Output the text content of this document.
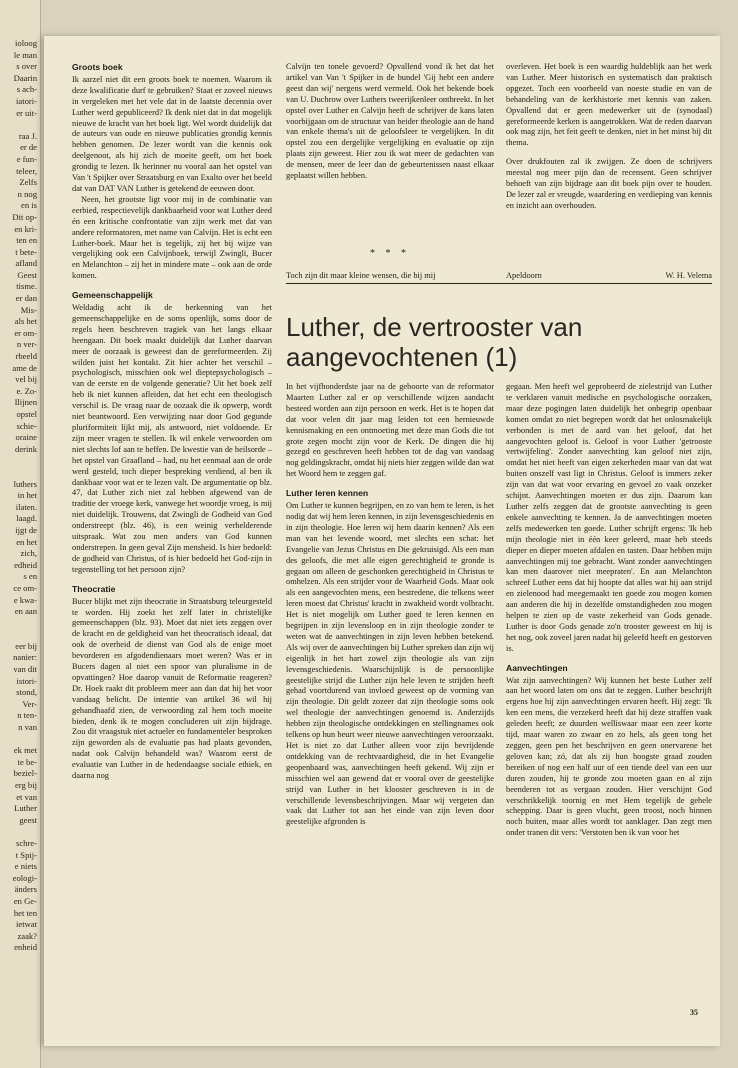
ioloog
le man
s over
Daarin
s ach-
iatori-
er uit-

raa J.
er de
e fun-
teleer,
Zelfs
n nog
en is
Dit op-
en kri-
ten en
t bete-
afland
Geest
tisme.
er dan
Mis-
als het
er om-
n ver-
rbeeld
ame de
vel bij
e. Zo-
Ilijnen
opstel
schie-
oraine
derink

luthers
in het
ilaten.
laagd.
ijgt de
en het
zich,
edheid
s en
ce om-
e kwa-
en aan

eer bij
nanier:
van dit
istori-
stond,
Ver-
n ten-
n van

ek met
te be-
beziel-
erg bij
et van
Luther
geest

schre-
t Spij-
e niets
eologi-
änders
en Ge-
het ten
ietwat
zaak?
enheid
Groots boek

Ik aarzel niet dit een groots boek te noemen. Waarom ik deze kwalificatie durf te gebruiken? Staat er zoveel nieuws in vergeleken met het vele dat in de laatste decennia over Luther werd gepubliceerd? Ik denk niet dat in dat mogelijk nieuwe de kracht van het boek ligt. Wel wordt duidelijk dat de auteurs van oude en nieuwe publicaties grondig kennis hebben genomen. De lezer wordt van die kennis ook deelgenoot, als hij zich de moeite geeft, om het boek grondig te lezen. Ik herinner nu vooral aan het opstel van Van 't Spijker over Straatsburg en van Exalto over het beeld dat van DAT VAN Luther is getekend de eeuwen door.

Neen, het grootste ligt voor mij in de combinatie van eerbied, respectievelijk dankbaarheid voor wat Luther deed én een kritische confrontatie van zijn werk met dat van andere reformatoren, met name van Calvijn. Het is echt een Luther-boek. Maar het is tegelijk, zij het bij wijze van vergelijking ook een Calvijnboek, terwijl Zwingli, Bucer en Melanchton – zij het in mindere mate – ook aan de orde komen.

Gemeenschappelijk

Weldadig acht ik de herkenning van het gemeenschappelijke en de soms openlijk, soms door de regels heen beschreven tragiek van het langs elkaar heengaan. Dit boek maakt duidelijk dat Luther daarvan meer de oorzaak is geweest dan de gereformeerden. Zij wilden juist het kontakt. Zit hier achter het verschil – psychologisch, misschien ook wel dieptepsychologisch – van de eerste en de volgende generatie? Uit het boek zelf heb ik niet kunnen afleiden, dat het echt een theologisch verschil is. De vraag naar de oozaak die ik opwerp, wordt niet beantwoord. Een verwijzing naar door God gegunde pluriformiteit lijkt mij, als antwoord, niet voldoende. Er zijn meer vragen te stellen. Ik wil enkele verwoorden om niet slechts lof aan te heffen. De kwestie van de heilsorde – het opstel van Graafland – had, nu het eenmaal aan de orde werd gesteld, toch dieper bespreking verdiend, al ben ik dankbaar voor wat er te lezen valt. De argumentatie op blz. 47, dat Luther zich niet zal hebben afgewend van de traditie der vroege kerk, vanwege het woordje vroeg, is mij niet duidelijk. Trouwens, dat Zwingli de Godheid van God onderstreept (blz. 46), is een weinig verhelderende uitspraak. Wat zou men anders van God kunnen onderstrepen. In geen geval Zijn menshеid. Is hier bedoeld: de godheid van Christus, of is hier bedoeld het God-zijn in tegenstelling tot het persoon zijn?

Theocratie

Bucer blijkt met zijn theocratie in Straatsburg teleurgesteld te worden. Hij zoekt het zelf later in christelijke gemeenschappen (blz. 93). Moet dat niet iets zeggen over de kracht en de geldigheid van het theocratisch ideaal, dat ook de overheid de dienst van God als de enige moet bevorderen en afgodendienaars moet weren? Was er in Bucers dagen al niet een spoor van pluralisme in de opvattingen? Hoe daarop vanuit de Reformatie reageren? Dr. Hoek raakt dit probleem meer aan dan dat hij het voor vandaag belicht. De intentie van artikel 36 wil hij gehandhaafd zien, de verwoording zal hem toch moeite bieden, denk ik te mogen concluderen uit zijn bijdrage. Zou dit vraagstuk niet actueler en fundamenteler besproken zijn geworden als de evaluatie pas had plaats gevonden, nadat ook Calvijn behandeld was? Waarom eerst de evaluatie van Luther in de hedendaagse sociale ethiek, en daarna nog

Calvijn ten tonele gevoerd? Opvallend vond ik het dat het artikel van Van 't Spijker in de bundel 'Gij hebt een andere geest dan wij' nergens werd vermeld. Ook het bekende boek van U. Duchrow over Luthers tweerijkenleer ontbreekt. In het opstel over Luther en Calvijn heeft de schrijver de kans laten voorbijgaan om de structuur van beider theologie aan de hand van enkele thema's uit de geloofsleer te vergelijken. In dit opstel zou een dergelijke vergelijking en evaluatie op zijn plaats zijn geweest. Hier zou ik wat meer de gedachten van de mensen, meer de leer dan de gebeurtenissen naast elkaar geplaatst willen hebben.

overleven. Het boek is een waardig huldeblijk aan het werk van Luther. Meer historisch en systematisch dan praktisch opgezet. Toch een voorbeeld van noeste studie en van de behandeling van de kerkhistorie met kennis van zaken. Opvallend dat er geen medewerker uit de (synodaal) gereformeerde kerken is aangetrokken. Wat de reden daarvan ook mag zijn, het feit geeft te denken, niet in het minst bij dit thema.

Over drukfouten zal ik zwijgen. Ze doen de schrijvers meestal nog meer pijn dan de recensent. Geen schrijver behoeft van zijn bijdrage aan dit boek pijn over te houden. De lezer zal er vreugde, waardering en verdieping van kennis en inzicht aan overhouden.

* * *
Toch zijn dit maar kleine wensen, die bij mij	Apeldoorn	W. H. Velema
Luther, de vertrooster van aangevochtenen (1)

In het vijfhonderdste jaar na de geboorte van de reformator Maarten Luther zal er op verschillende wijzen aandacht besteed worden aan zijn persoon en werk. Het is te hopen dat dat voor velen dit jaar mag leiden tot een hernieuwde kennismaking en een ontmoeting met deze man Gods die tot grote zegen mocht zijn voor de Kerk. De dingen die hij gezegd en geschreven heeft hebben tot de dag van vandaag nog geldingskracht, omdat hij niets hier zeggen wilde dan wat het Woord hem te zeggen gaf.

Luther leren kennen

Om Luther te kunnen begrijpen, en zo van hem te leren, is het nodig dat wij hem leren kennen, in zijn levensgeschiedenis en in zijn theologie. Hoe leren wij hem daarin kennen? Als een man van het levende woord, met slechts een schat: het Evangelie van Jezus Christus en Die gekruisigd. Als een man des geloofs, die met alle eigen gerechtigheid te gronde is gegaan om alleen de geschonken gerechtigheid in Christus te omhelzen. Als een strijder voor de Waarheid Gods. Maar ook als een aangevochten mens, een bestredene, die telkens weer leren moest dat Christus' kracht in zwakheid wordt volbracht. Het is niet mogelijk om Luther goed te leren kennen en begrijpen in zijn levensloop en in zijn theologie zonder te weten wat de aanvechtingen in zijn leven hebben betekend. Als wij over de aanvechtingen bij Luther spreken dan zijn wij eigenlijk in het hart zowel zijn theologie als van zijn levensgeschiedenis. Waarschijnlijk is de persoonlijke geestelijke strijd die Luther zijn hele leven te strijden heeft gehad voortdurend van invloed geweest op de vorming van zijn theologie. Dit geldt zozeer dat zijn theologie soms ook wel theologie der aanvechtingen genoemd is. Anderzijds hebben zijn theologische ontdekkingen en stellingnames ook telkens op hun beurt weer nieuwe aanvechtingen veroorzaakt. Het is niet zo dat Luther alleen voor zijn bevrijdende ontdekking van de rechtvaardigheid, die in het Evangelie geopenbaard was, aanvechtingen heeft gekend. Wij zijn er misschien wel aan gewend dat er vooral over de geestelijke strijd van Luther in het klooster geschreven is in de verschillende levensbeschrijvingen. Maar wij vergeten dan vaak dat Luther tot aan het einde van zijn leven door geestelijke afgronden is

gegaan. Men heeft wel geprobeerd de zielestrijd van Luther te verklaren vanuit medische en psychologische oorzaken, maar deze pogingen laten duidelijk het onbegrip openbaar komen omdat zo niet begrepen wordt dat het onlosmakelijk verbonden is met de aard van het geloof, dat het aangevochten geloof is. Geloof is voor Luther 'getrooste vertwijfeling'. Zonder aanvechting kan geloof niet zijn, omdat het niet heeft van eigen zekerheden maar van dat wat buiten onszelf vast ligt in Christus. Geloof is immers zeker zijn van dat wat voor ervaring en gevoel zo vaak onzeker schijnt. Aanvechtingen moeten er dus zijn. Daarom kan Luther zelfs zeggen dat de grootste aanvechting is geen enkele aanvechting te kennen. Ja de aanvechtingen moeten zelfs medewerken ten goede. Luther schrijft ergens: 'Ik heb mijn theologie niet in één keer geleerd, maar heb steeds dieper en dieper moeten afdalen en tasten. Daar hebben mijn aanvechtingen mij toe gebracht. Want zonder aanvechtingen kan men daarover niet meepraten'. En aan Melanchton schreef Luther eens dat hij hoopte dat alles wat hij aan strijd en zielenood had meegemaakt ten goede zou mogen komen aan anderen die hij in dezelfde omstandigheden zou mogen helpen te zien op de vaste zekerheid van Gods genade. Luther is door Gods genade zo'n trooster geweest en hij is het nog, ook zoveel jaren nadat hij geleefd heeft en gestorven is.

Aanvechtingen

Wat zijn aanvechtingen? Wij kunnen het beste Luther zelf aan het woord laten om ons dat te zeggen. Luther beschrijft ergens hoe hij zijn aanvechtingen ervaren heeft. Hij zegt: 'Ik ken een mens, die verzekerd heeft dat hij deze straffen vaak geleden heeft; ze duurden welliswaar maar een zeer korte tijd, maar waren zo zwaar en zo hels, als geen tong het zeggen, geen pen het beschrijven en geen onervarene het geloven kan; zó, dat als zij hun hoogste graad zouden bereiken of nog een half uur of een tiende deel van een uur duren zouden, hij te gronde zou moeten gaan en al zijn beenderen tot as vergaan zouden. Hier verschijnt God verschrikkelijk toornig en met Hem tegelijk de gehele schepping. Daar is geen vlucht, geen troost, noch binnen noch buiten, maar alles wordt tot aanklager. Dan zegt men onder tranen dit vers: 'Verstoten ben ik van voor het

35
